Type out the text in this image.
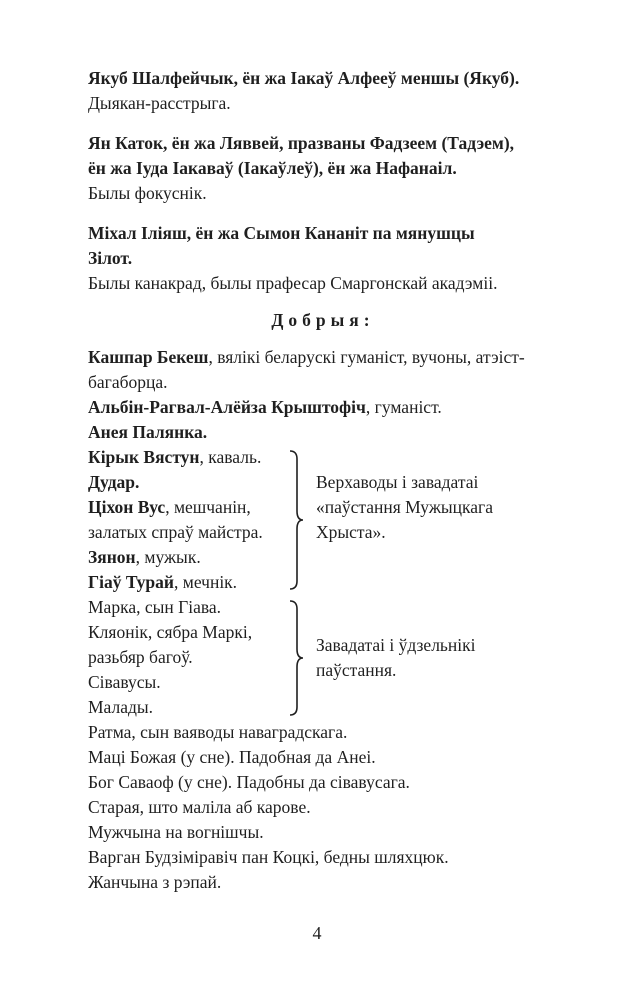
Якуб Шалфейчык, ён жа Іакаў Алфееў меншы (Якуб).
Дыякан-расстрыга.
Ян Каток, ён жа Ляввей, празваны Фадзеем (Тадэем),
ён жа Іуда Іакаваў (Іакаўлеў), ён жа Нафанаіл.
Былы фокуснік.
Міхал Іліяш, ён жа Сымон Кананіт па мянушцы
Зілот.
Былы канакрад, былы прафесар Смаргонскай акадэміі.
Добрыя:
Кашпар Бекеш, вялікі беларускі гуманіст, вучоны, атэіст-
багаборца.
Альбін-Рагвал-Алёйза Крыштофіч, гуманіст.
Анея Палянка.
Кірык Вястун, каваль.
Дудар.
Ціхон Вус, мешчанін,
залатых спраў майстра.
Зянон, мужык.
Гіаў Турай, мечнік.
Верхаводы і завадатаі
«паўстання Мужыцкага
Хрыста».
Марка, сын Гіава.
Кляонік, сябра Маркі,
разьбяр багоў.
Сівавусы.
Малады.
Завадатаі і ўдзельнікі
паўстання.
Ратма, сын ваяводы наваградскага.
Маці Божая (у сне). Падобная да Анеі.
Бог Саваоф (у сне). Падобны да сівавусага.
Старая, што маліла аб карове.
Мужчына на вогнішчы.
Варган Будзіміравіч пан Коцкі, бедны шляхцюк.
Жанчына з рэпай.
4
